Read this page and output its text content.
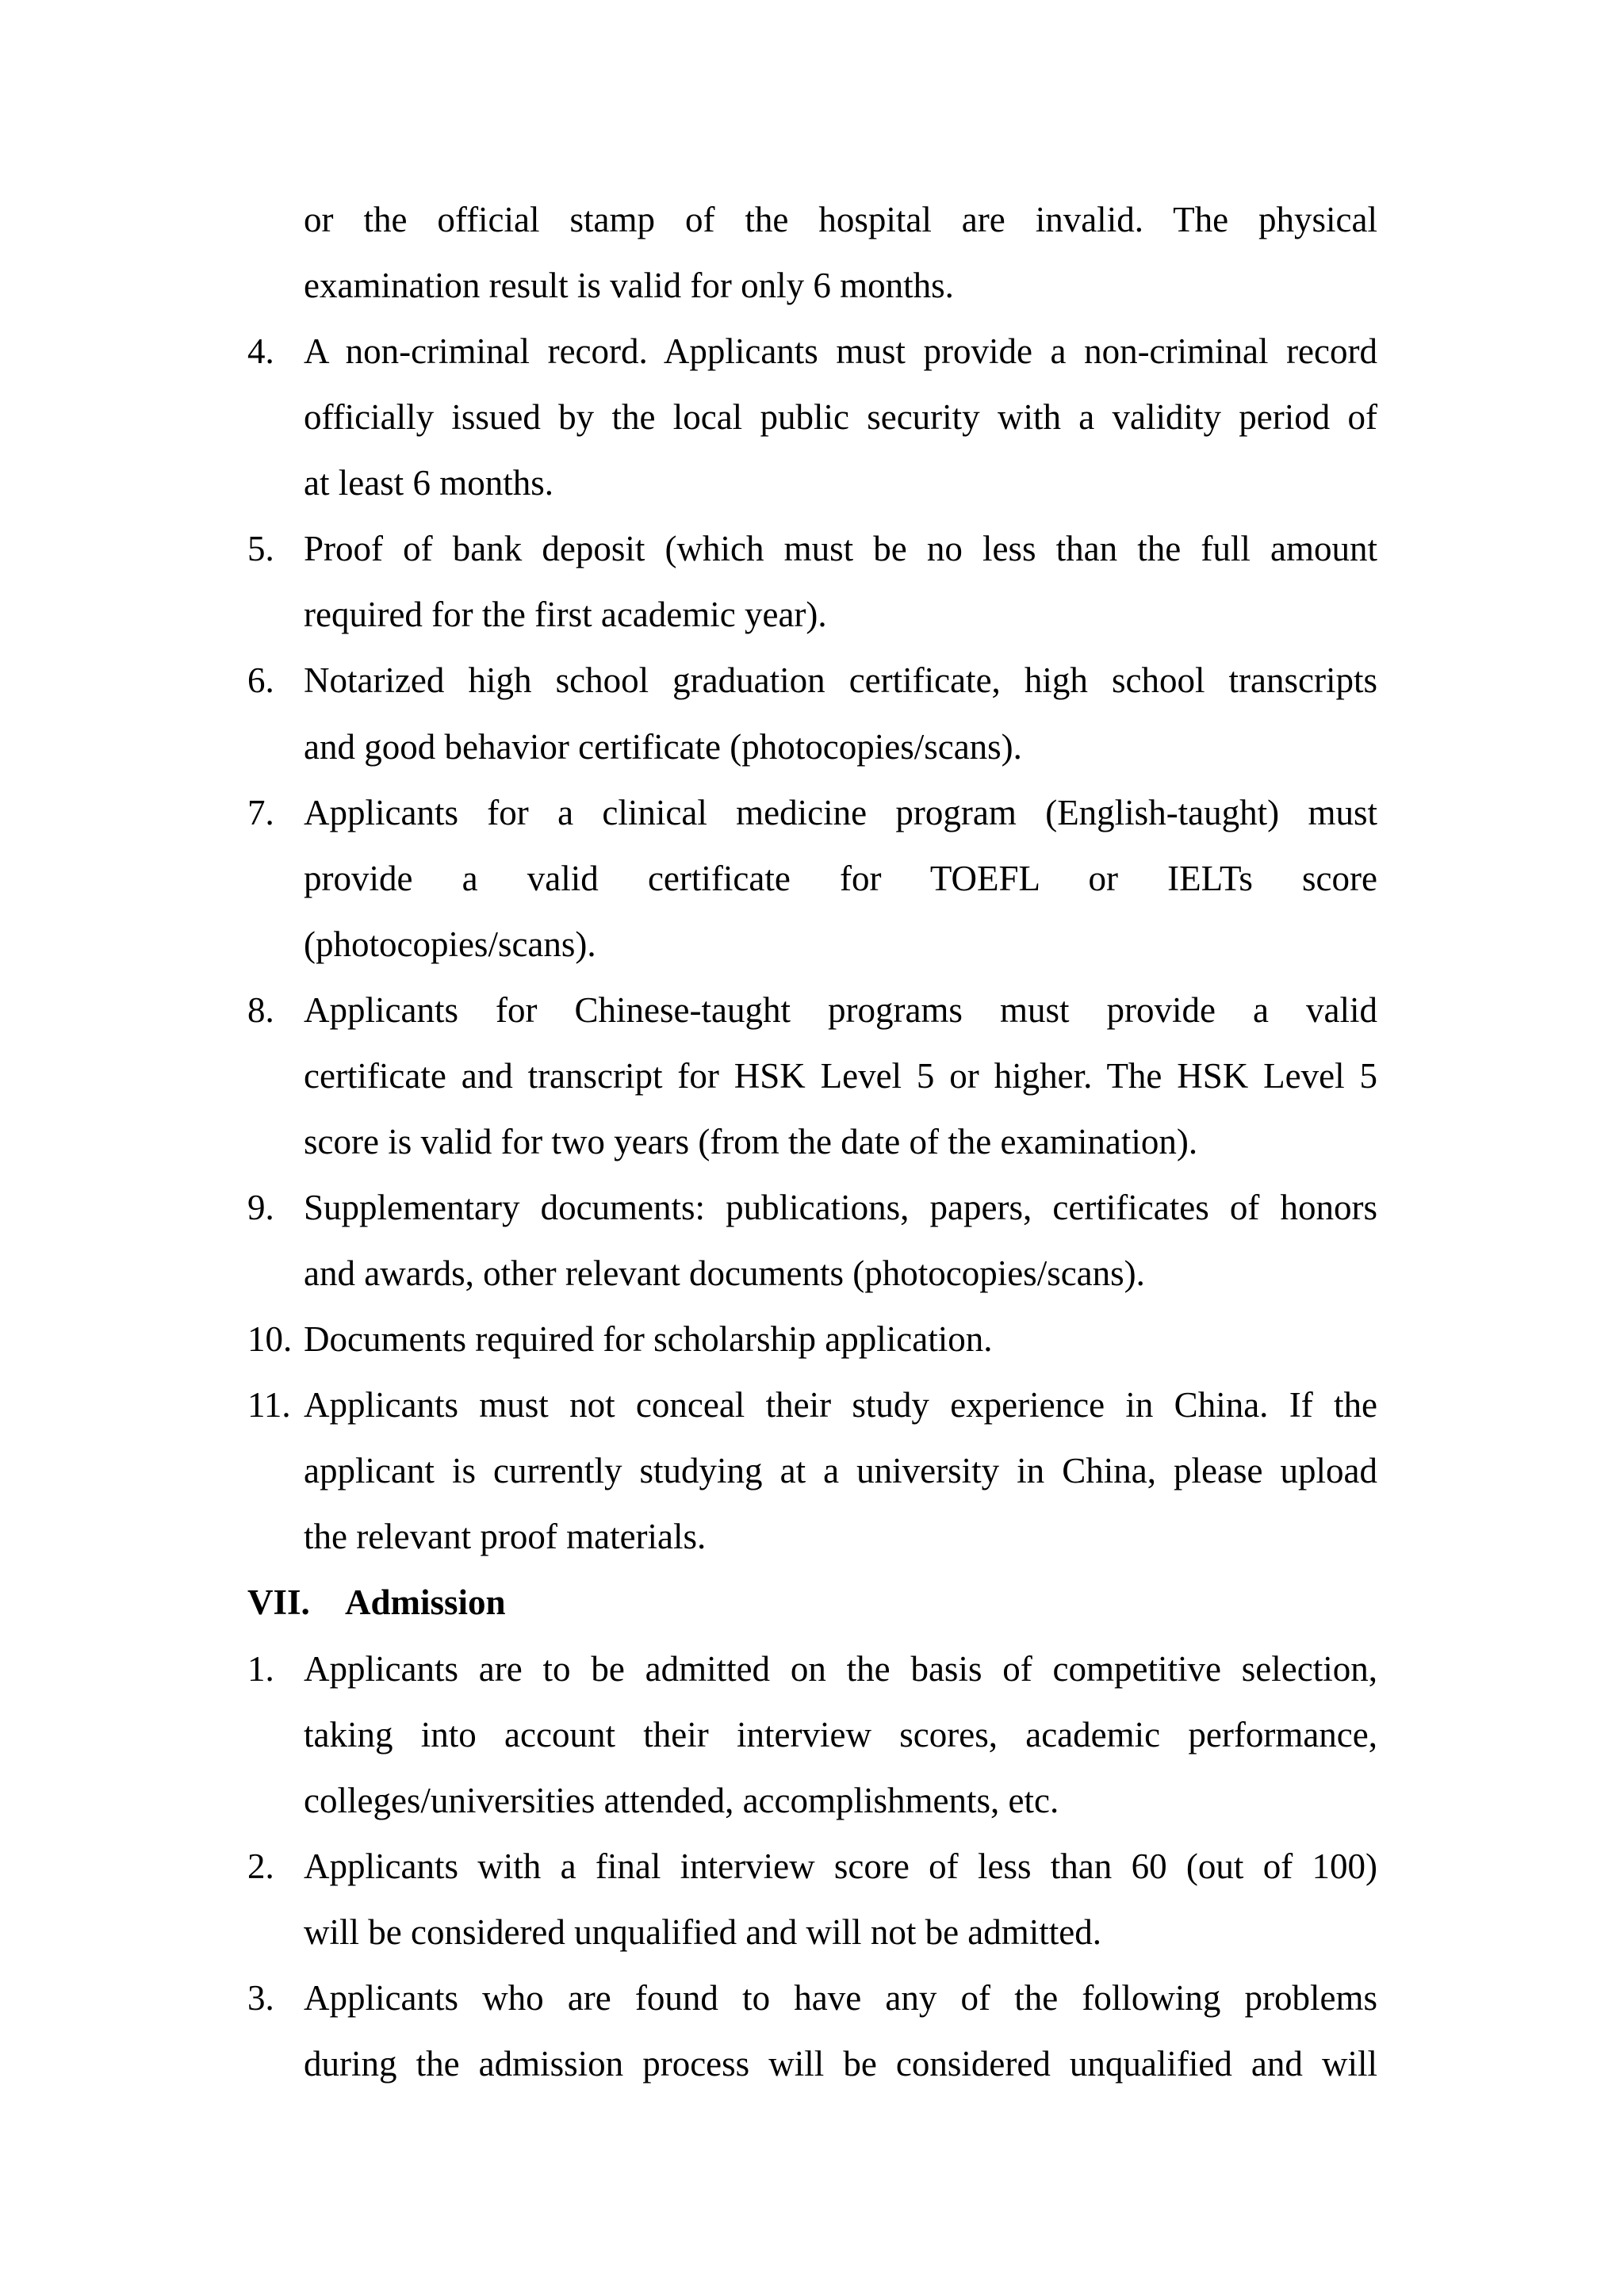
or the official stamp of the hospital are invalid. The physical
examination result is valid for only 6 months.
4. A non-criminal record. Applicants must provide a non-criminal record
officially issued by the local public security with a validity period of
at least 6 months.
5. Proof of bank deposit (which must be no less than the full amount
required for the first academic year).
6. Notarized high school graduation certificate, high school transcripts
and good behavior certificate (photocopies/scans).
7. Applicants for a clinical medicine program (English-taught) must
provide a valid certificate for TOEFL or IELTs score
(photocopies/scans).
8. Applicants for Chinese-taught programs must provide a valid
certificate and transcript for HSK Level 5 or higher. The HSK Level 5
score is valid for two years (from the date of the examination).
9. Supplementary documents: publications, papers, certificates of honors
and awards, other relevant documents (photocopies/scans).
10. Documents required for scholarship application.
11. Applicants must not conceal their study experience in China. If the
applicant is currently studying at a university in China, please upload
the relevant proof materials.
VII. Admission
1. Applicants are to be admitted on the basis of competitive selection,
taking into account their interview scores, academic performance,
colleges/universities attended, accomplishments, etc.
2. Applicants with a final interview score of less than 60 (out of 100)
will be considered unqualified and will not be admitted.
3. Applicants who are found to have any of the following problems
during the admission process will be considered unqualified and will
